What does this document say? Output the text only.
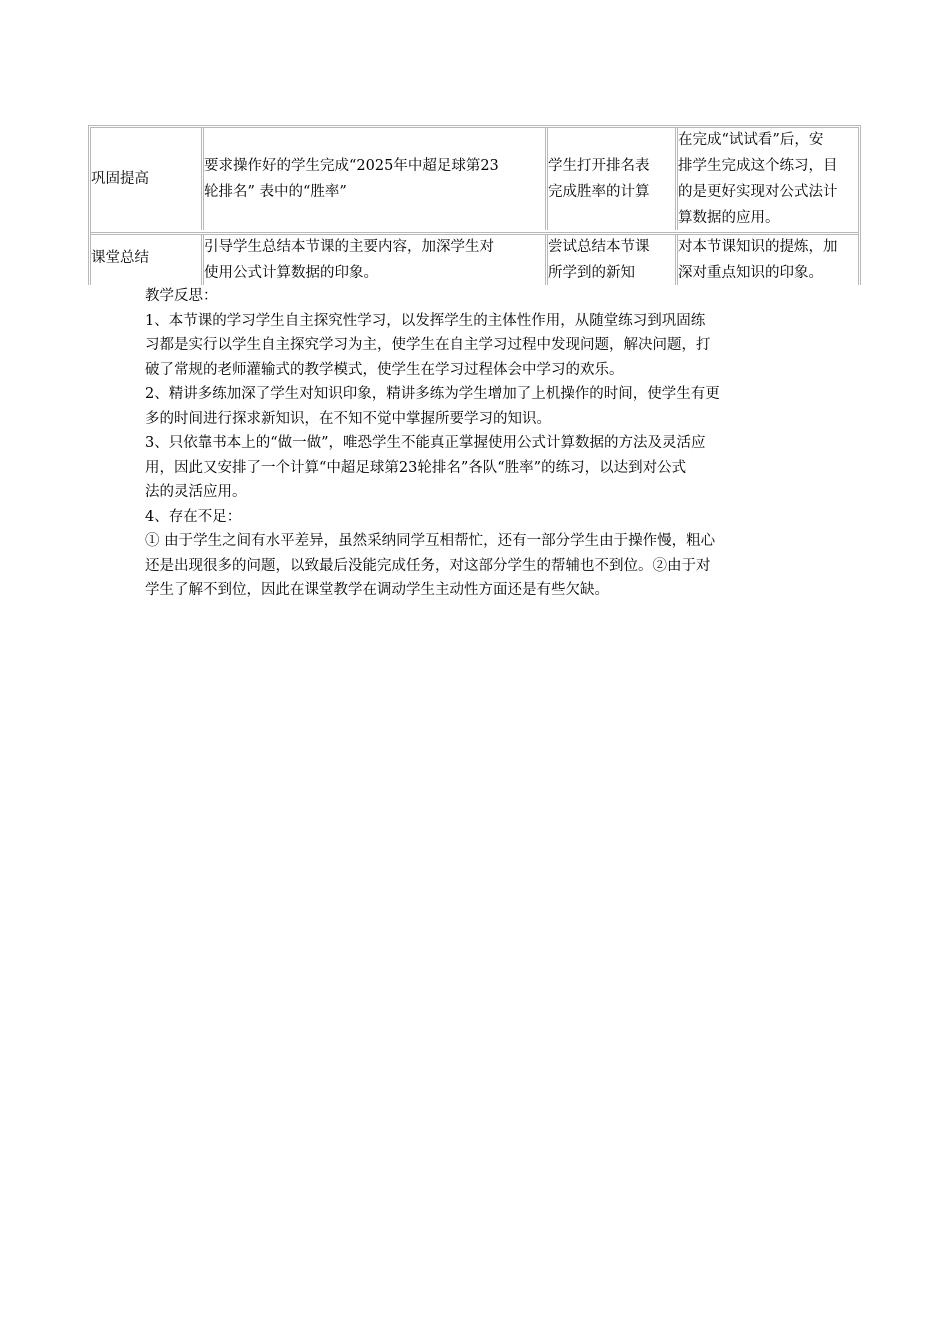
巩固提高
要求操作好的学生完成“2025年中超足球第23
轮排名” 表中的“胜率”
学生打开排名表
完成胜率的计算
在完成“试试看”后，安
排学生完成这个练习，目
的是更好实现对公式法计
算数据的应用。
课堂总结
引导学生总结本节课的主要内容，加深学生对
使用公式计算数据的印象。
尝试总结本节课
所学到的新知
对本节课知识的提炼，加
深对重点知识的印象。
教学反思：
1、本节课的学习学生自主探究性学习，以发挥学生的主体性作用，从随堂练习到巩固练
习都是实行以学生自主探究学习为主，使学生在自主学习过程中发现问题，解决问题，打
破了常规的老师灌输式的教学模式，使学生在学习过程体会中学习的欢乐。
2、精讲多练加深了学生对知识印象，精讲多练为学生增加了上机操作的时间，使学生有更
多的时间进行探求新知识，在不知不觉中掌握所要学习的知识。
3、只依靠书本上的“做一做”，唯恐学生不能真正掌握使用公式计算数据的方法及灵活应
用，因此又安排了一个计算“中超足球第23轮排名”各队“胜率”的练习，以达到对公式
法的灵活应用。
4、存在不足：
① 由于学生之间有水平差异，虽然采纳同学互相帮忙，还有一部分学生由于操作慢，粗心
还是出现很多的问题，以致最后没能完成任务，对这部分学生的帮辅也不到位。②由于对
学生了解不到位，因此在课堂教学在调动学生主动性方面还是有些欠缺。
